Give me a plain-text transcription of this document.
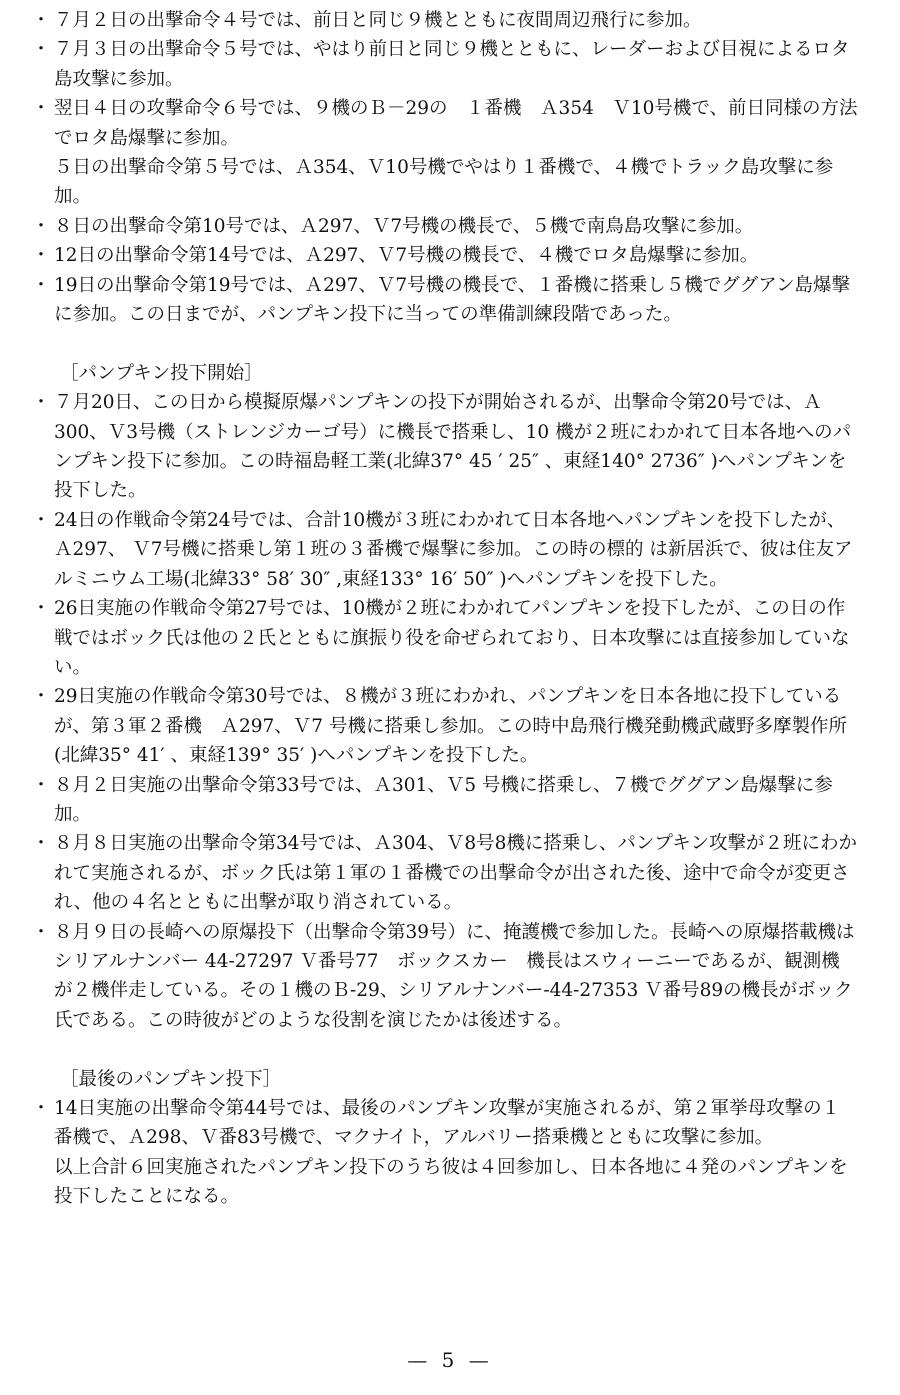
・ ７月２日の出撃命令４号では、前日と同じ９機とともに夜間周辺飛行に参加。
・ ７月３日の出撃命令５号では、やはり前日と同じ９機とともに、レーダーおよび目視によるロタ島攻撃に参加。
・ 翌日４日の攻撃命令６号では、９機のＢ－29の　１番機　Ａ354　Ｖ10号機で、前日同様の方法でロタ島爆撃に参加。
５日の出撃命令第５号では、Ａ354、Ｖ10号機でやはり１番機で、４機でトラック島攻撃に参加。
・ ８日の出撃命令第10号では、Ａ297、Ｖ7号機の機長で、５機で南鳥島攻撃に参加。
・ 12日の出撃命令第14号では、Ａ297、Ｖ7号機の機長で、４機でロタ島爆撃に参加。
・ 19日の出撃命令第19号では、Ａ297、Ｖ7号機の機長で、１番機に搭乗し５機でググアン島爆撃に参加。この日までが、パンプキン投下に当っての準備訓練段階であった。
［パンプキン投下開始］
・ ７月20日、この日から模擬原爆パンプキンの投下が開始されるが、出撃命令第20号では、Ａ300、Ｖ3号機（ストレンジカーゴ号）に機長で搭乗し、10 機が２班にわかれて日本各地へのパ ンプキン投下に参加。この時福島軽工業(北緯37° 45 ′ 25″ 、東経140° 2736″ )へパンプキンを投下した。
・ 24日の作戦命令第24号では、合計10機が３班にわかれて日本各地へパンプキンを投下したが、Ａ297、 Ｖ7号機に搭乗し第１班の３番機で爆撃に参加。この時の標的 は新居浜で、彼は住友アルミニウム工場(北緯33° 58′ 30″ ,東経133° 16′ 50″ )へパンプキンを投下した。
・ 26日実施の作戦命令第27号では、10機が２班にわかれてパンプキンを投下したが、この日の作戦ではボック氏は他の２氏とともに旗振り役を命ぜられており、日本攻撃には直接参加していない。
・ 29日実施の作戦命令第30号では、８機が３班にわかれ、パンプキンを日本各地に投下しているが、第３軍２番機　Ａ297、Ｖ7 号機に搭乗し参加。この時中島飛行機発動機武蔵野多摩製作所(北緯35° 41′ 、東経139° 35′ )へパンプキンを投下した。
・ ８月２日実施の出撃命令第33号では、Ａ301、Ｖ5 号機に搭乗し、７機でググアン島爆撃に参加。
・ ８月８日実施の出撃命令第34号では、Ａ304、Ｖ8号8機に搭乗し、パンプキン攻撃が２班にわかれて実施されるが、ボック氏は第１軍の１番機での出撃命令が出された後、途中で命令が変更され、他の４名とともに出撃が取り消されている。
・ ８月９日の長崎への原爆投下（出撃命令第39号）に、掩護機で参加した。長崎への原爆搭載機はシリアルナンバー 44-27297 Ｖ番号77　ボックスカー　機長はスウィーニーであるが、観測機が２機伴走している。その１機のＢ-29、シリアルナンバー-44-27353 Ｖ番号89の機長がボック氏である。この時彼がどのような役割を演じたかは後述する。
［最後のパンプキン投下］
・ 14日実施の出撃命令第44号では、最後のパンプキン攻撃が実施されるが、第２軍挙母攻撃の１番機で、Ａ298、Ｖ番83号機で、マクナイト，アルバリー搭乗機とともに攻撃に参加。
以上合計６回実施されたパンプキン投下のうち彼は４回参加し、日本各地に４発のパンプキンを投下したことになる。
— 5 —
